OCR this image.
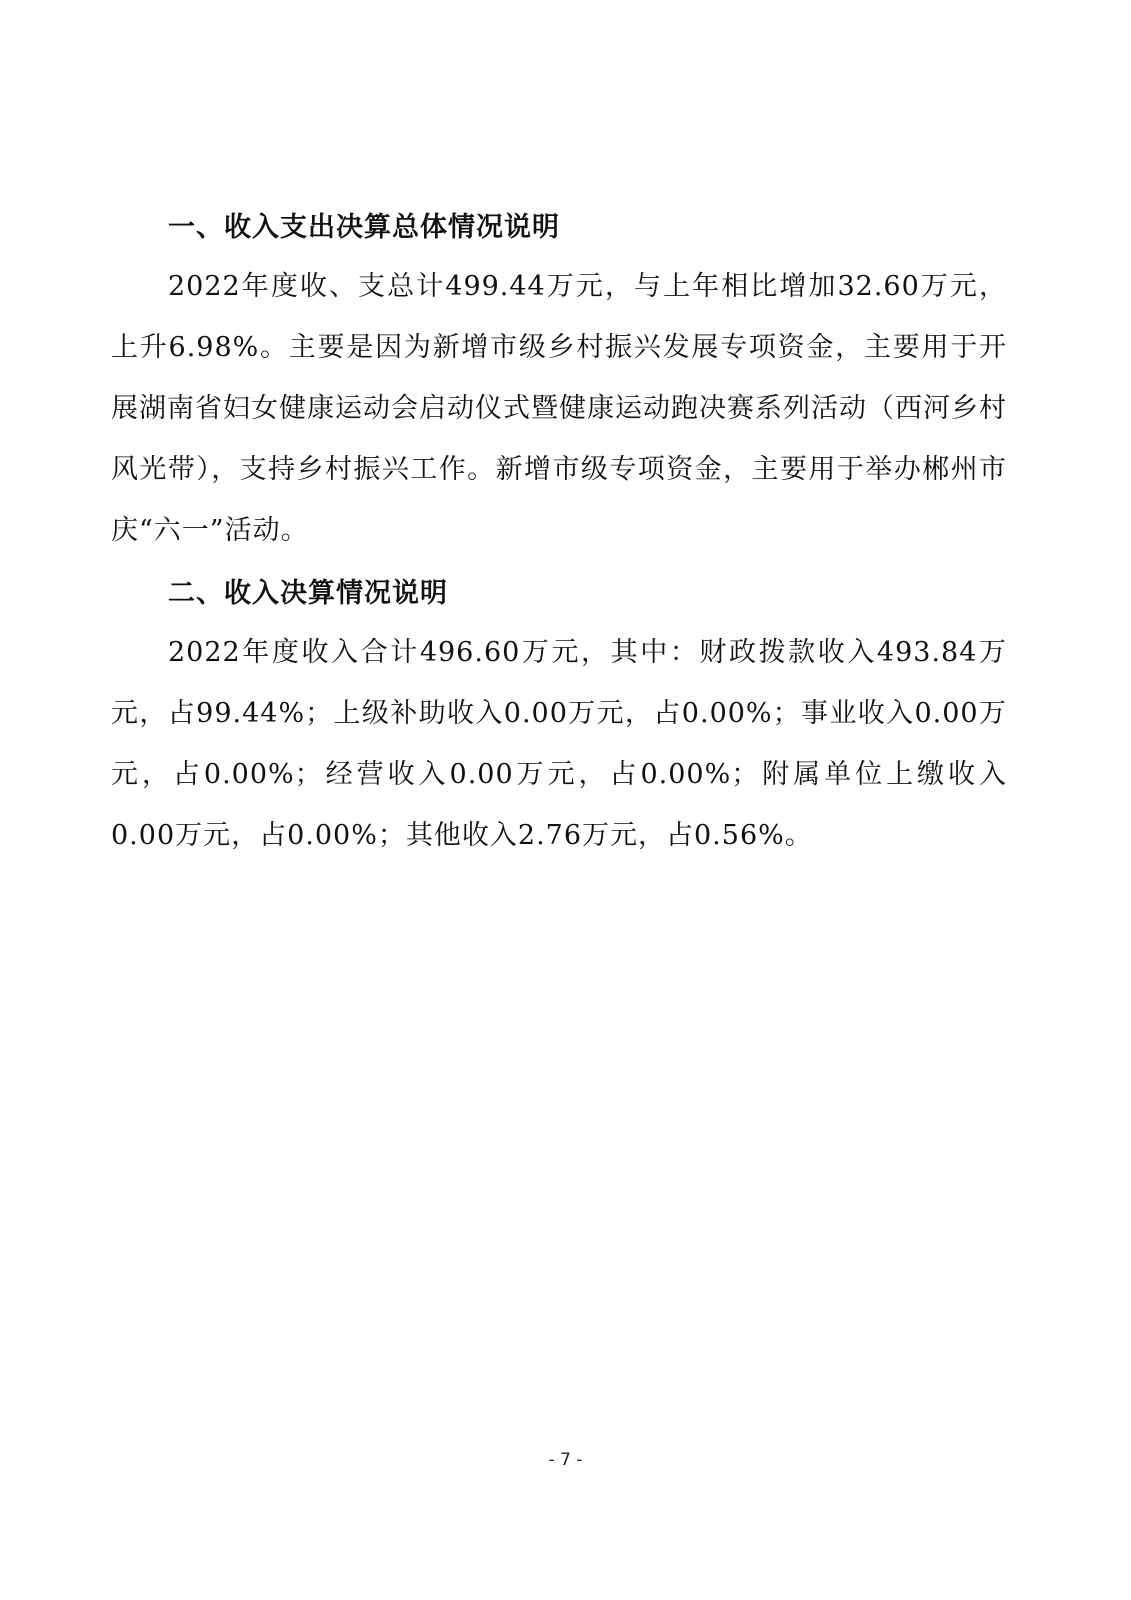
一、收入支出决算总体情况说明

2022年度收、支总计499.44万元，与上年相比增加32.60万元，上升6.98%。主要是因为新增市级乡村振兴发展专项资金，主要用于开展湖南省妇女健康运动会启动仪式暨健康运动跑决赛系列活动（西河乡村风光带），支持乡村振兴工作。新增市级专项资金，主要用于举办郴州市庆“六一”活动。

二、收入决算情况说明

2022年度收入合计496.60万元，其中：财政拨款收入493.84万元，占99.44%；上级补助收入0.00万元，占0.00%；事业收入0.00万元，占0.00%；经营收入0.00万元，占0.00%；附属单位上缴收入0.00万元，占0.00%；其他收入2.76万元，占0.56%。

- 7 -
